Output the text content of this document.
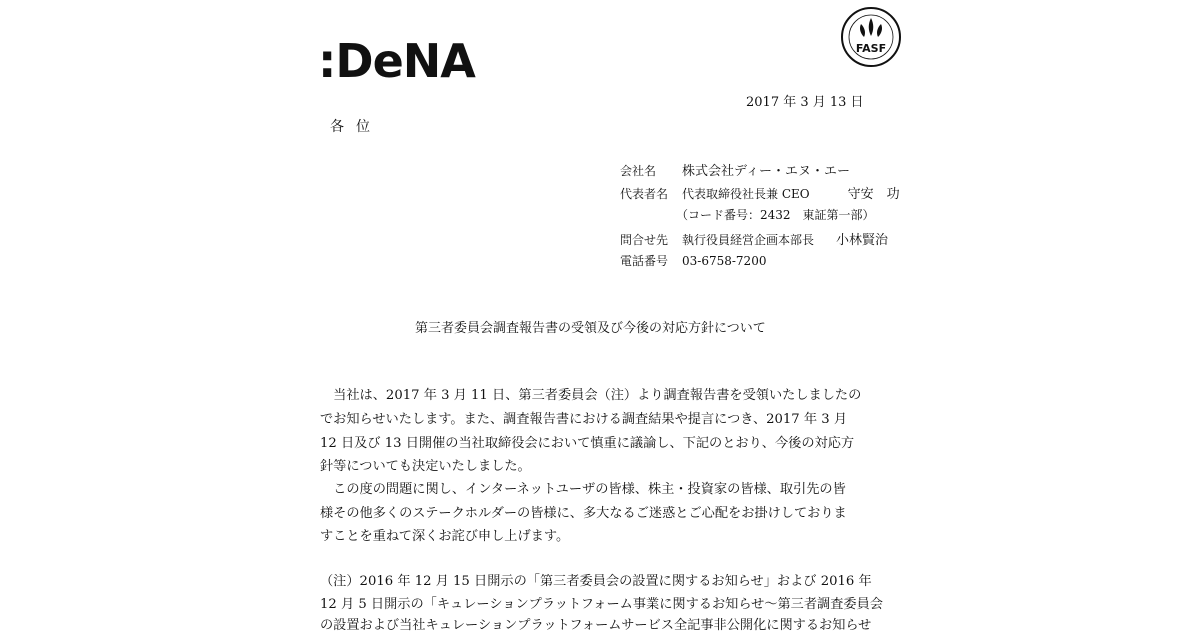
:DeNA	FASF
2017 年 3 月 13 日
各位
会社名 株式会社ディー・エヌ・エー
代表者名 代表取締役社長兼 CEO	守安　功
（コード番号：2432　東証第一部）
問合せ先 執行役員経営企画本部長 小林賢治
電話番号 03-6758-7200
第三者委員会調査報告書の受領及び今後の対応方針について
　当社は、2017 年 3 月 11 日、第三者委員会（注）より調査報告書を受領いたしましたの
でお知らせいたします。また、調査報告書における調査結果や提言につき、2017 年 3 月
12 日及び 13 日開催の当社取締役会において慎重に議論し、下記のとおり、今後の対応方
針等についても決定いたしました。
　この度の問題に関し、インターネットユーザの皆様、株主・投資家の皆様、取引先の皆
様その他多くのステークホルダーの皆様に、多大なるご迷惑とご心配をお掛けしておりま
すことを重ねて深くお詫び申し上げます。
（注）2016 年 12 月 15 日開示の「第三者委員会の設置に関するお知らせ」および 2016 年
12 月 5 日開示の「キュレーションプラットフォーム事業に関するお知らせ～第三者調査委員会
の設置および当社キュレーションプラットフォームサービス全記事非公開化に関するお知らせ
